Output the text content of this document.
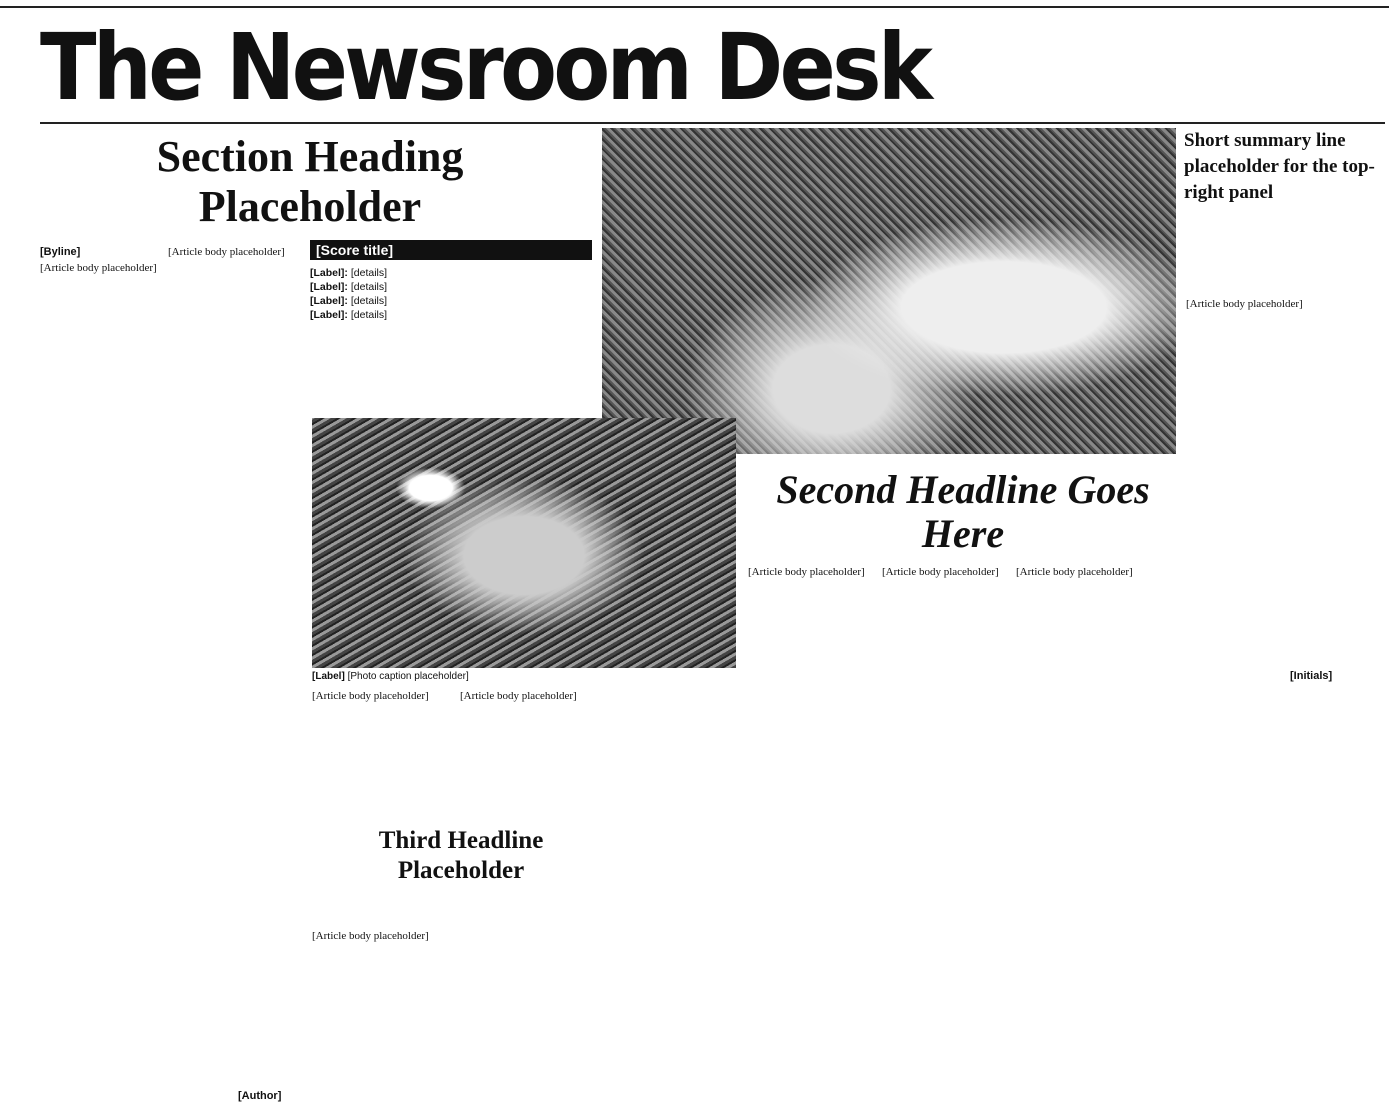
The Newsroom Desk
Section Heading Placeholder
Short summary line placeholder for the top-right panel
[Byline]
[Article body placeholder]
[Article body placeholder]	[Score title]
[Label]: [details]
[Label]: [details]
[Label]: [details]
[Label]: [details]
[Label] [Photo caption placeholder]
[Article body placeholder]	[Article body placeholder]
Second Headline Goes Here
[Article body placeholder]	[Article body placeholder]	[Article body placeholder]
[Article body placeholder]
Third Headline Placeholder
[Article body placeholder]
[Author]
[Initials]
